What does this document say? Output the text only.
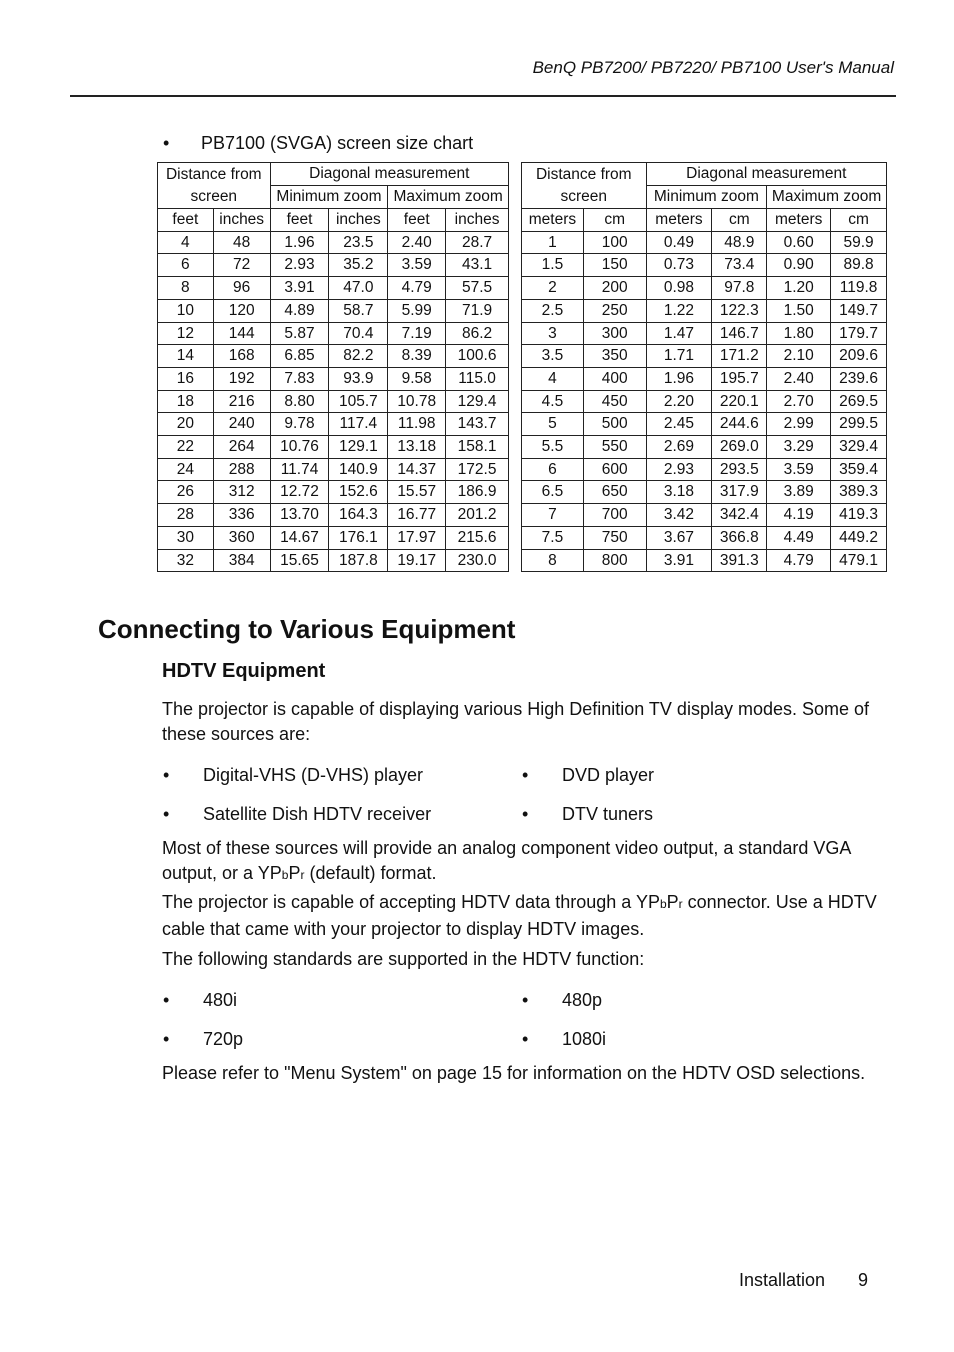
BenQ PB7200/ PB7220/ PB7100 User's Manual
• PB7100 (SVGA) screen size chart
Distance from screen		Diagonal measurement			
		Minimum zoom		Maximum zoom	

feet	inches	feet	inches	feet	inches
4	48	1.96	23.5	2.40	28.7
6	72	2.93	35.2	3.59	43.1
8	96	3.91	47.0	4.79	57.5
10	120	4.89	58.7	5.99	71.9
12	144	5.87	70.4	7.19	86.2
14	168	6.85	82.2	8.39	100.6
16	192	7.83	93.9	9.58	115.0
18	216	8.80	105.7	10.78	129.4
20	240	9.78	117.4	11.98	143.7
22	264	10.76	129.1	13.18	158.1
24	288	11.74	140.9	14.37	172.5
26	312	12.72	152.6	15.57	186.9
28	336	13.70	164.3	16.77	201.2
30	360	14.67	176.1	17.97	215.6
32	384	15.65	187.8	19.17	230.0
Distance from screen		Diagonal measurement			
		Minimum zoom		Maximum zoom	

meters	cm	meters	cm	meters	cm
1	100	0.49	48.9	0.60	59.9
1.5	150	0.73	73.4	0.90	89.8
2	200	0.98	97.8	1.20	119.8
2.5	250	1.22	122.3	1.50	149.7
3	300	1.47	146.7	1.80	179.7
3.5	350	1.71	171.2	2.10	209.6
4	400	1.96	195.7	2.40	239.6
4.5	450	2.20	220.1	2.70	269.5
5	500	2.45	244.6	2.99	299.5
5.5	550	2.69	269.0	3.29	329.4
6	600	2.93	293.5	3.59	359.4
6.5	650	3.18	317.9	3.89	389.3
7	700	3.42	342.4	4.19	419.3
7.5	750	3.67	366.8	4.49	449.2
8	800	3.91	391.3	4.79	479.1
Connecting to Various Equipment
HDTV Equipment

The projector is capable of displaying various High Definition TV display modes. Some of these sources are:

• Digital-VHS (D-VHS) player	• DVD player
• Satellite Dish HDTV receiver	• DTV tuners

Most of these sources will provide an analog component video output, a standard VGA output, or a YPbPr (default) format.

The projector is capable of accepting HDTV data through a YPbPr connector. Use a HDTV cable that came with your projector to display HDTV images.

The following standards are supported in the HDTV function:

• 480i	• 480p
• 720p	• 1080i

Please refer to "Menu System" on page 15 for information on the HDTV OSD selections.

Installation 9
